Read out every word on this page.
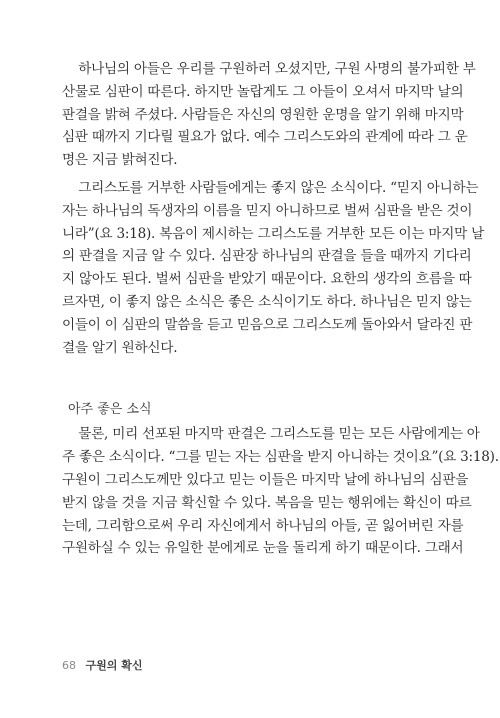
하나님의 아들은 우리를 구원하러 오셨지만, 구원 사명의 불가피한 부
산물로 심판이 따른다. 하지만 놀랍게도 그 아들이 오셔서 마지막 날의
판결을 밝혀 주셨다. 사람들은 자신의 영원한 운명을 알기 위해 마지막
심판 때까지 기다릴 필요가 없다. 예수 그리스도와의 관계에 따라 그 운
명은 지금 밝혀진다.
그리스도를 거부한 사람들에게는 좋지 않은 소식이다. “믿지 아니하는
자는 하나님의 독생자의 이름을 믿지 아니하므로 벌써 심판을 받은 것이
니라”(요 3:18). 복음이 제시하는 그리스도를 거부한 모든 이는 마지막 날
의 판결을 지금 알 수 있다. 심판장 하나님의 판결을 들을 때까지 기다리
지 않아도 된다. 벌써 심판을 받았기 때문이다. 요한의 생각의 흐름을 따
르자면, 이 좋지 않은 소식은 좋은 소식이기도 하다. 하나님은 믿지 않는
이들이 이 심판의 말씀을 듣고 믿음으로 그리스도께 돌아와서 달라진 판
결을 알기 원하신다.
아주 좋은 소식
물론, 미리 선포된 마지막 판결은 그리스도를 믿는 모든 사람에게는 아
주 좋은 소식이다. “그를 믿는 자는 심판을 받지 아니하는 것이요”(요 3:18).
구원이 그리스도께만 있다고 믿는 이들은 마지막 날에 하나님의 심판을
받지 않을 것을 지금 확신할 수 있다. 복음을 믿는 행위에는 확신이 따르
는데, 그리함으로써 우리 자신에게서 하나님의 아들, 곧 잃어버린 자를
구원하실 수 있는 유일한 분에게로 눈을 돌리게 하기 때문이다. 그래서
68 구원의 확신
